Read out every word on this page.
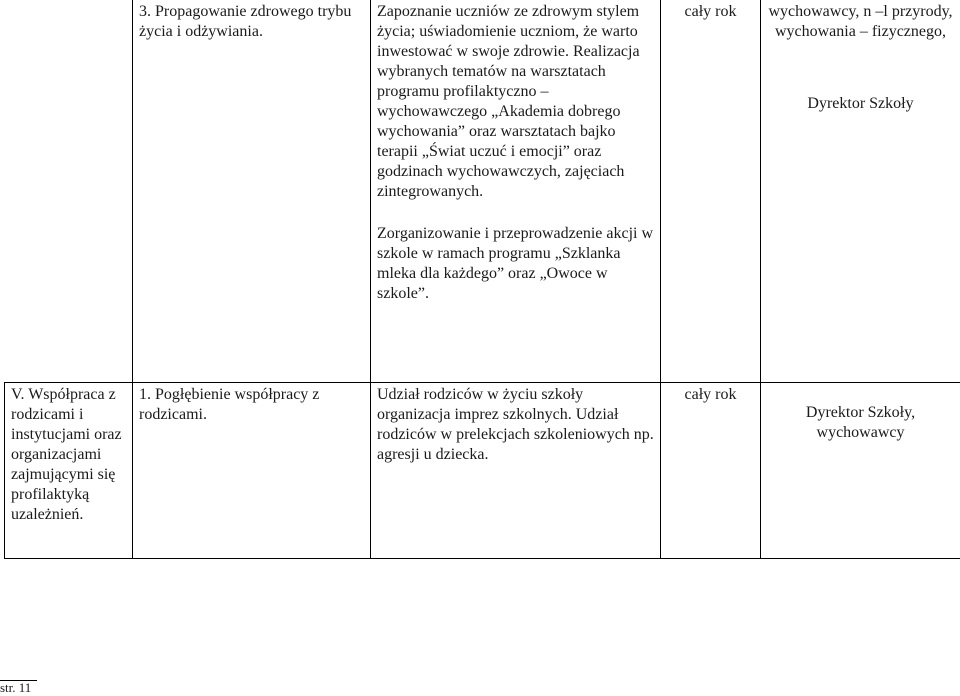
	3. Propagowanie zdrowego trybu życia i odżywiania.	Zapoznanie uczniów ze zdrowym stylem życia; uświadomienie uczniom, że warto inwestować w swoje zdrowie. Realizacja wybranych tematów na warsztatach programu profilaktyczno – wychowawczego „Akademia dobrego wychowania” oraz warsztatach bajko terapii „Świat uczuć i emocji” oraz godzinach wychowawczych, zajęciach zintegrowanych.
Zorganizowanie i przeprowadzenie akcji w szkole w ramach programu „Szklanka mleka dla każdego” oraz „Owoce w szkole”.	cały rok	wychowawcy, n –l przyrody, wychowania – fizycznego,
Dyrektor Szkoły

V. Współpraca z rodzicami i instytucjami oraz organizacjami zajmującymi się profilaktyką uzależnień.	1. Pogłębienie współpracy z rodzicami.	Udział rodziców w życiu szkoły organizacja imprez szkolnych. Udział rodziców w prelekcjach szkoleniowych np. agresji u dziecka.	cały rok	Dyrektor Szkoły, wychowawcy
str. 11
